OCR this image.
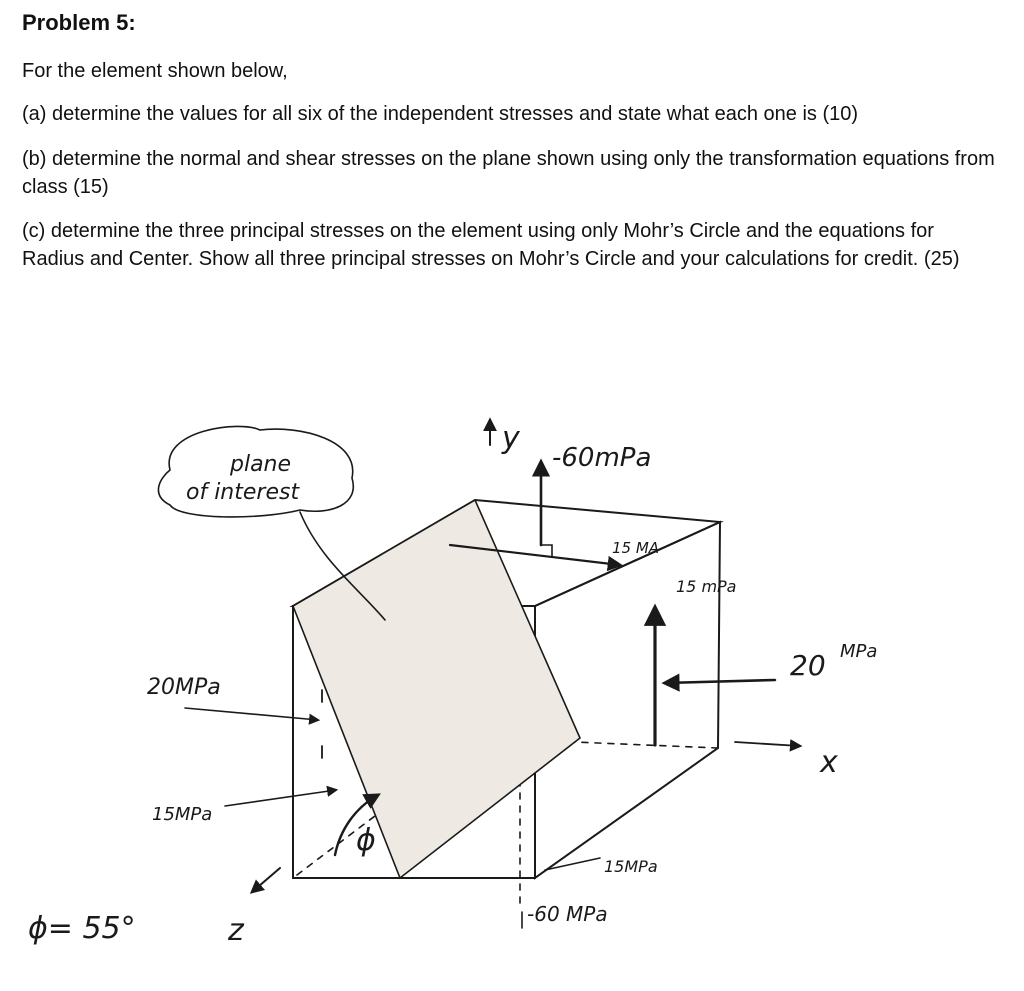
Problem 5:

For the element shown below,

(a) determine the values for all six of the independent stresses and state what each one is (10)

(b) determine the normal and shear stresses on the plane shown using only the transformation equations from class (15)

(c) determine the three principal stresses on the element using only Mohr’s Circle and the equations for Radius and Center. Show all three principal stresses on Mohr’s Circle and your calculations for credit. (25)

plane
of interest
y
-60mPa
15 MA
15 mPa
20 MPa
x
20MPa
15MPa
ϕ
15MPa
-60 MPa
z
ϕ= 55°
